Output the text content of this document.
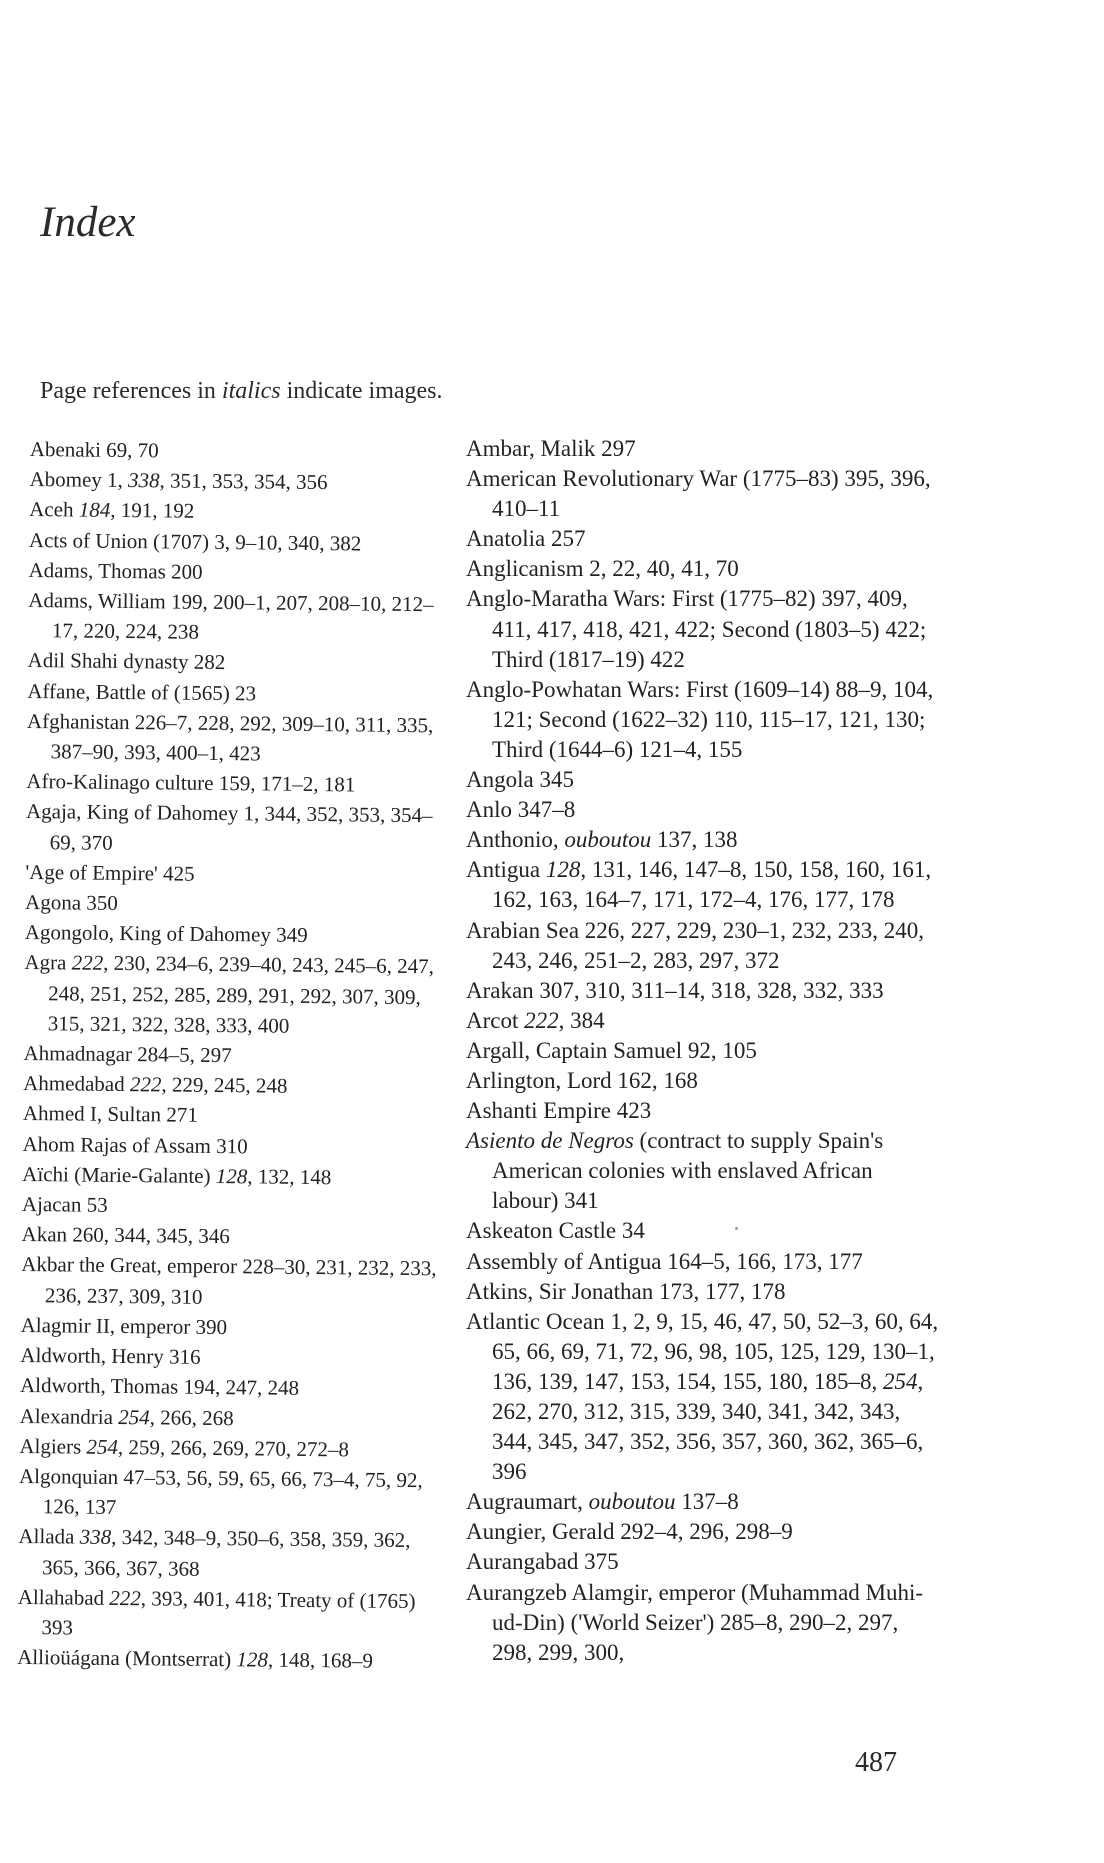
Index

Page references in italics indicate images.

Abenaki 69, 70
Abomey 1, 338, 351, 353, 354, 356
Aceh 184, 191, 192
Acts of Union (1707) 3, 9–10, 340, 382
Adams, Thomas 200
Adams, William 199, 200–1, 207, 208–10, 212–17, 220, 224, 238
Adil Shahi dynasty 282
Affane, Battle of (1565) 23
Afghanistan 226–7, 228, 292, 309–10, 311, 335, 387–90, 393, 400–1, 423
Afro-Kalinago culture 159, 171–2, 181
Agaja, King of Dahomey 1, 344, 352, 353, 354–69, 370
'Age of Empire' 425
Agona 350
Agongolo, King of Dahomey 349
Agra 222, 230, 234–6, 239–40, 243, 245–6, 247, 248, 251, 252, 285, 289, 291, 292, 307, 309, 315, 321, 322, 328, 333, 400
Ahmadnagar 284–5, 297
Ahmedabad 222, 229, 245, 248
Ahmed I, Sultan 271
Ahom Rajas of Assam 310
Aïchi (Marie-Galante) 128, 132, 148
Ajacan 53
Akan 260, 344, 345, 346
Akbar the Great, emperor 228–30, 231, 232, 233, 236, 237, 309, 310
Alagmir II, emperor 390
Aldworth, Henry 316
Aldworth, Thomas 194, 247, 248
Alexandria 254, 266, 268
Algiers 254, 259, 266, 269, 270, 272–8
Algonquian 47–53, 56, 59, 65, 66, 73–4, 75, 92, 126, 137
Allada 338, 342, 348–9, 350–6, 358, 359, 362, 365, 366, 367, 368
Allahabad 222, 393, 401, 418; Treaty of (1765) 393
Allioüágana (Montserrat) 128, 148, 168–9
Ambar, Malik 297
American Revolutionary War (1775–83) 395, 396, 410–11
Anatolia 257
Anglicanism 2, 22, 40, 41, 70
Anglo-Maratha Wars: First (1775–82) 397, 409, 411, 417, 418, 421, 422; Second (1803–5) 422; Third (1817–19) 422
Anglo-Powhatan Wars: First (1609–14) 88–9, 104, 121; Second (1622–32) 110, 115–17, 121, 130; Third (1644–6) 121–4, 155
Angola 345
Anlo 347–8
Anthonio, ouboutou 137, 138
Antigua 128, 131, 146, 147–8, 150, 158, 160, 161, 162, 163, 164–7, 171, 172–4, 176, 177, 178
Arabian Sea 226, 227, 229, 230–1, 232, 233, 240, 243, 246, 251–2, 283, 297, 372
Arakan 307, 310, 311–14, 318, 328, 332, 333
Arcot 222, 384
Argall, Captain Samuel 92, 105
Arlington, Lord 162, 168
Ashanti Empire 423
Asiento de Negros (contract to supply Spain's American colonies with enslaved African labour) 341
Askeaton Castle 34
Assembly of Antigua 164–5, 166, 173, 177
Atkins, Sir Jonathan 173, 177, 178
Atlantic Ocean 1, 2, 9, 15, 46, 47, 50, 52–3, 60, 64, 65, 66, 69, 71, 72, 96, 98, 105, 125, 129, 130–1, 136, 139, 147, 153, 154, 155, 180, 185–8, 254, 262, 270, 312, 315, 339, 340, 341, 342, 343, 344, 345, 347, 352, 356, 357, 360, 362, 365–6, 396
Augraumart, ouboutou 137–8
Aungier, Gerald 292–4, 296, 298–9
Aurangabad 375
Aurangzeb Alamgir, emperor (Muhammad Muhi-ud-Din) ('World Seizer') 285–8, 290–2, 297, 298, 299, 300,
487
